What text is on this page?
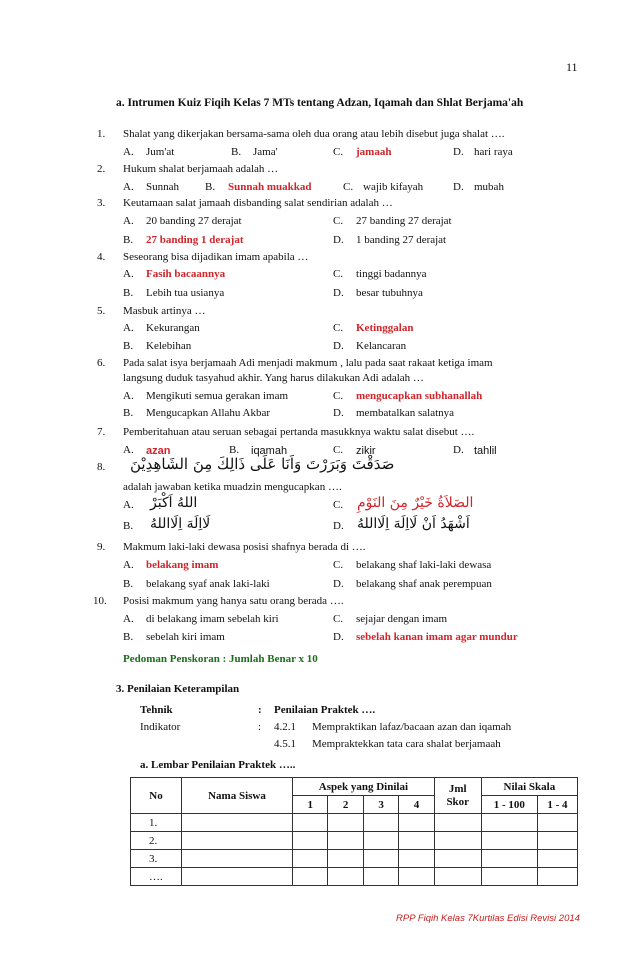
11
a. Intrumen Kuiz Fiqih Kelas 7 MTs tentang Adzan, Iqamah dan Shlat Berjama'ah
1. Shalat yang dikerjakan bersama-sama oleh dua orang atau lebih disebut juga shalat ….
A. Jum'at	B. Jama'	C. jamaah	D. hari raya
2. Hukum shalat berjamaah adalah …
A. Sunnah B. Sunnah muakkad	C. wajib kifayah	D. mubah
3. Keutamaan salat jamaah disbanding salat sendirian adalah …
A. 20 banding 27 derajat	C. 27 banding 27 derajat
B. 27 banding 1 derajat	D. 1 banding 27 derajat
4. Seseorang bisa dijadikan imam apabila …
A. Fasih bacaannya	C. tinggi badannya
B. Lebih tua usianya	D. besar tubuhnya
5. Masbuk artinya …
A. Kekurangan	C. Ketinggalan
B. Kelebihan	D. Kelancaran
6. Pada salat isya berjamaah Adi menjadi makmum , lalu pada saat rakaat ketiga imam
langsung duduk tasyahud akhir. Yang harus dilakukan Adi adalah …
A. Mengikuti semua gerakan imam	C. mengucapkan subhanallah
B. Mengucapkan Allahu Akbar	D. membatalkan salatnya
7. Pemberitahuan atau seruan sebagai pertanda masukknya waktu salat disebut ….
A. azan	B. iqamah	C. zikir	D. tahlil
8. صَدَقْتَ وَبَرَرْتَ وَاَنَا عَلَى ذَالِكَ مِنَ الشَاهِدِيْنَ
adalah jawaban ketika muadzin mengucapkan ….
A. اللهُ اَكْبَرْ	C. الصَلاَةُ خَيْرٌ مِنَ النَوْمِ
B. لَااِلَهَ اِلَااللهُ	D. اَشْهَدُ اَنْ لَااِلَهَ اِلَااللهُ
9. Makmum laki-laki dewasa posisi shafnya berada di ….
A. belakang imam	C. belakang shaf laki-laki dewasa
B. belakang syaf anak laki-laki	D. belakang shaf anak perempuan
10. Posisi makmum yang hanya satu orang berada ….
A. di belakang imam sebelah kiri	C. sejajar dengan imam
B. sebelah kiri imam	D. sebelah kanan imam agar mundur
Pedoman Penskoran : Jumlah Benar x 10
3. Penilaian Keterampilan
Tehnik	: Penilaian Praktek ….
Indikator	: 4.2.1 Mempraktikan lafaz/bacaan azan dan iqamah
4.5.1 Mempraktekkan tata cara shalat berjamaah
a. Lembar Penilaian Praktek …..
No	Nama Siswa	Aspek yang Dinilai				Jml Skor	Nilai Skala	
		1	2	3	4		1 - 100	1 - 4
1.								
2.								
3.								
….								
RPP Fiqih Kelas 7Kurtilas Edisi Revisi 2014
